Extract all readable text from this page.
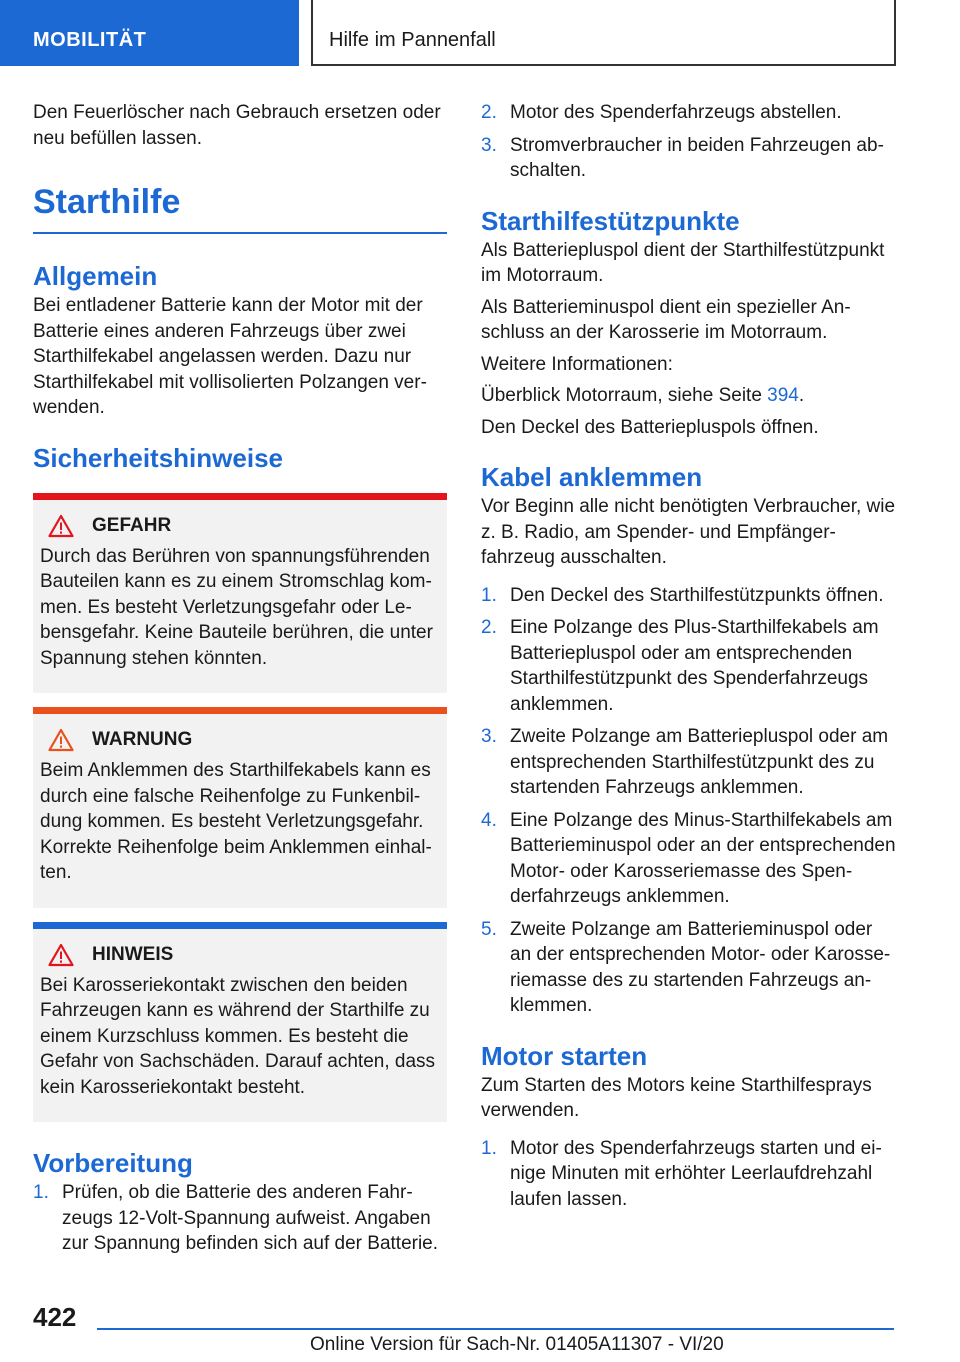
MOBILITÄT	Hilfe im Pannenfall

Den Feuerlöscher nach Gebrauch ersetzen oder neu befüllen lassen.

Starthilfe
Allgemein

Bei entladener Batterie kann der Motor mit der Batterie eines anderen Fahrzeugs über zwei Starthilfekabel angelassen werden. Dazu nur Starthilfekabel mit vollisolierten Polzangen verwenden.

Sicherheitshinweise
GEFAHR
Durch das Berühren von spannungsführenden Bauteilen kann es zu einem Stromschlag kommen. Es besteht Verletzungsgefahr oder Lebensgefahr. Keine Bauteile berühren, die unter Spannung stehen könnten.
WARNUNG
Beim Anklemmen des Starthilfekabels kann es durch eine falsche Reihenfolge zu Funkenbildung kommen. Es besteht Verletzungsgefahr. Korrekte Reihenfolge beim Anklemmen einhalten.
HINWEIS
Bei Karosseriekontakt zwischen den beiden Fahrzeugen kann es während der Starthilfe zu einem Kurzschluss kommen. Es besteht die Gefahr von Sachschäden. Darauf achten, dass kein Karosseriekontakt besteht.
Vorbereitung
1. Prüfen, ob die Batterie des anderen Fahrzeugs 12-Volt-Spannung aufweist. Angaben zur Spannung befinden sich auf der Batterie.
2. Motor des Spenderfahrzeugs abstellen.
3. Stromverbraucher in beiden Fahrzeugen abschalten.
Starthilfestützpunkte

Als Batteriepluspol dient der Starthilfestützpunkt im Motorraum.

Als Batterieminuspol dient ein spezieller Anschluss an der Karosserie im Motorraum.

Weitere Informationen:

Überblick Motorraum, siehe Seite 394.

Den Deckel des Batteriepluspols öffnen.

Kabel anklemmen

Vor Beginn alle nicht benötigten Verbraucher, wie z. B. Radio, am Spender- und Empfängerfahrzeug ausschalten.

1. Den Deckel des Starthilfestützpunkts öffnen.
2. Eine Polzange des Plus-Starthilfekabels am Batteriepluspol oder am entsprechenden Starthilfestützpunkt des Spenderfahrzeugs anklemmen.
3. Zweite Polzange am Batteriepluspol oder am entsprechenden Starthilfestützpunkt des zu startenden Fahrzeugs anklemmen.
4. Eine Polzange des Minus-Starthilfekabels am Batterieminuspol oder an der entsprechenden Motor- oder Karosseriemasse des Spenderfahrzeugs anklemmen.
5. Zweite Polzange am Batterieminuspol oder an der entsprechenden Motor- oder Karosseriemasse des zu startenden Fahrzeugs anklemmen.
Motor starten

Zum Starten des Motors keine Starthilfesprays verwenden.

1. Motor des Spenderfahrzeugs starten und einige Minuten mit erhöhter Leerlaufdrehzahl laufen lassen.
422
Online Version für Sach-Nr. 01405A11307 - VI/20
